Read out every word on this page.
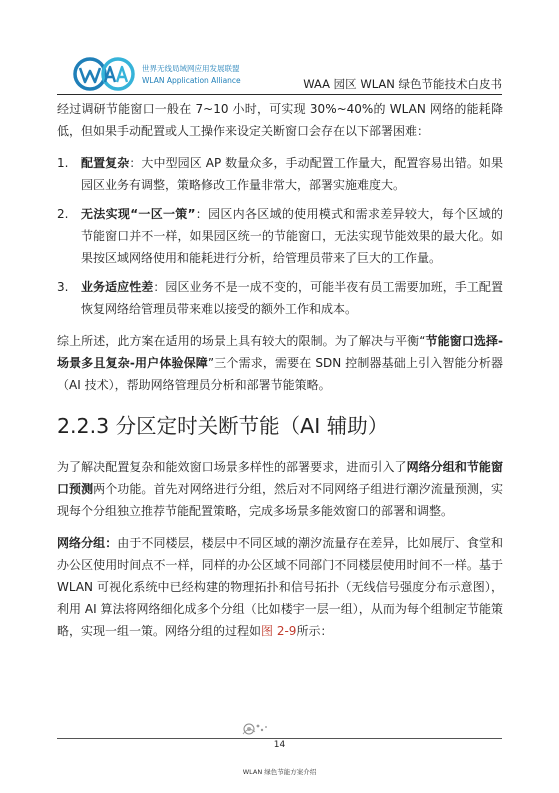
世界无线局域网应用发展联盟
WLAN Application Alliance	WAA 园区 WLAN 绿色节能技术白皮书

经过调研节能窗口一般在 7~10 小时，可实现 30%~40%的 WLAN 网络的能耗降低，但如果手动配置或人工操作来设定关断窗口会存在以下部署困难：

1. 配置复杂：大中型园区 AP 数量众多，手动配置工作量大，配置容易出错。如果园区业务有调整，策略修改工作量非常大，部署实施难度大。
2. 无法实现“一区一策”：园区内各区域的使用模式和需求差异较大，每个区域的节能窗口并不一样，如果园区统一的节能窗口，无法实现节能效果的最大化。如果按区域网络使用和能耗进行分析，给管理员带来了巨大的工作量。
3. 业务适应性差：园区业务不是一成不变的，可能半夜有员工需要加班，手工配置恢复网络给管理员带来难以接受的额外工作和成本。

综上所述，此方案在适用的场景上具有较大的限制。为了解决与平衡“节能窗口选择-场景多且复杂-用户体验保障”三个需求，需要在 SDN 控制器基础上引入智能分析器（AI 技术），帮助网络管理员分析和部署节能策略。

2.2.3 分区定时关断节能（AI 辅助）

为了解决配置复杂和能效窗口场景多样性的部署要求，进而引入了网络分组和节能窗口预测两个功能。首先对网络进行分组，然后对不同网络子组进行潮汐流量预测，实现每个分组独立推荐节能配置策略，完成多场景多能效窗口的部署和调整。

网络分组：由于不同楼层，楼层中不同区域的潮汐流量存在差异，比如展厅、食堂和办公区使用时间点不一样，同样的办公区域不同部门不同楼层使用时间不一样。基于 WLAN 可视化系统中已经构建的物理拓扑和信号拓扑（无线信号强度分布示意图），利用 AI 算法将网络细化成多个分组（比如楼宇一层一组），从而为每个组制定节能策略，实现一组一策。网络分组的过程如图 2-9所示：

14
WLAN 绿色节能方案介绍
